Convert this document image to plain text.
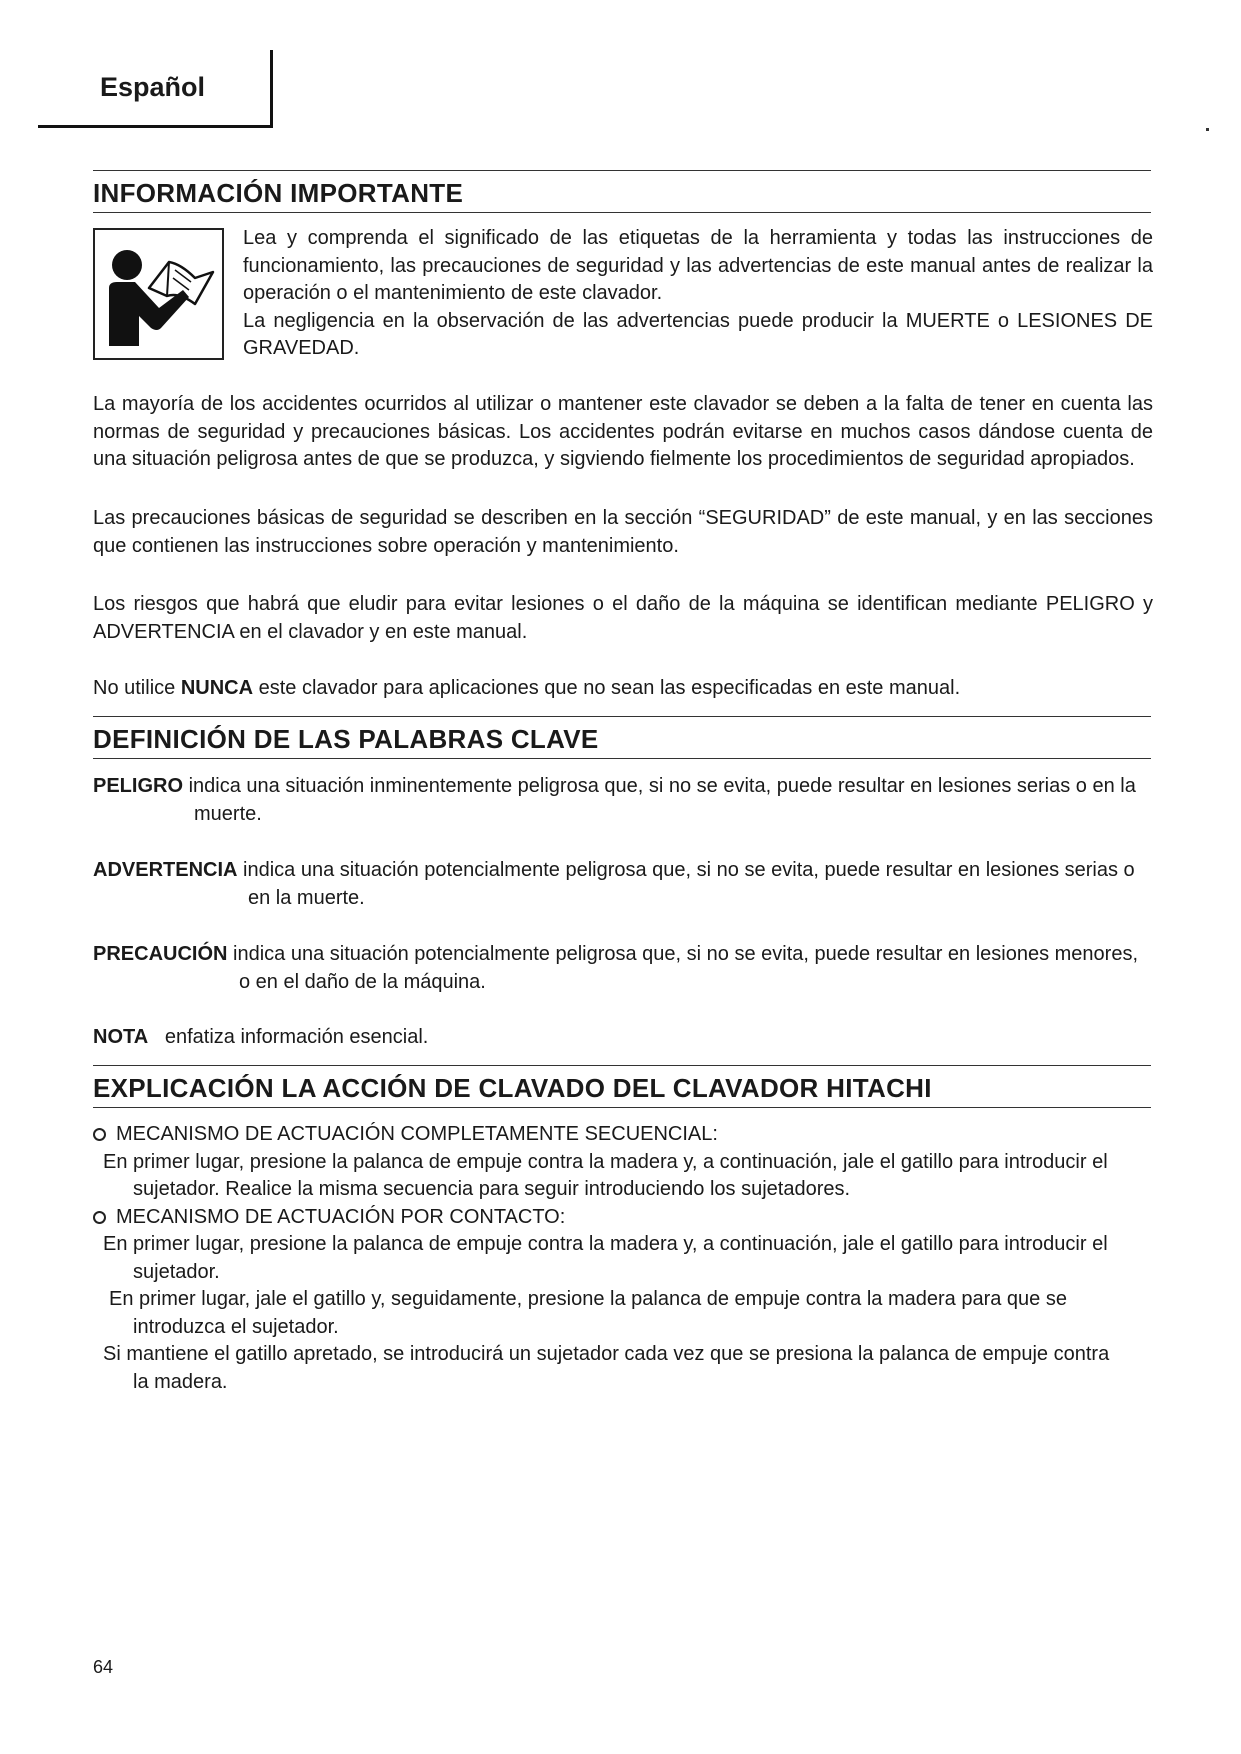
Español
INFORMACIÓN IMPORTANTE
Lea y comprenda el significado de las etiquetas de la herramienta y todas las instrucciones de funcionamiento, las precauciones de seguridad y las advertencias de este manual antes de realizar la operación o el mantenimiento de este clavador.
La negligencia en la observación de las advertencias puede producir la MUERTE o LESIONES DE GRAVEDAD.
La mayoría de los accidentes ocurridos al utilizar o mantener este clavador se deben a la falta de tener en cuenta las normas de seguridad y precauciones básicas. Los accidentes podrán evitarse en muchos casos dándose cuenta de una situación peligrosa antes de que se produzca, y sigviendo fielmente los procedimientos de seguridad apropiados.
Las precauciones básicas de seguridad se describen en la sección “SEGURIDAD” de este manual, y en las secciones que contienen las instrucciones sobre operación y mantenimiento.
Los riesgos que habrá que eludir para evitar lesiones o el daño de la máquina se identifican mediante PELIGRO y ADVERTENCIA en el clavador y en este manual.
No utilice NUNCA este clavador para aplicaciones que no sean las especificadas en este manual.
DEFINICIÓN DE LAS PALABRAS CLAVE
PELIGRO indica una situación inminentemente peligrosa que, si no se evita, puede resultar en lesiones serias o en la
muerte.
ADVERTENCIA indica una situación potencialmente peligrosa que, si no se evita, puede resultar en lesiones serias o
en la muerte.
PRECAUCIÓN indica una situación potencialmente peligrosa que, si no se evita, puede resultar en lesiones menores,
o en el daño de la máquina.
NOTA enfatiza información esencial.
EXPLICACIÓN LA ACCIÓN DE CLAVADO DEL CLAVADOR HITACHI
MECANISMO DE ACTUACIÓN COMPLETAMENTE SECUENCIAL:
En primer lugar, presione la palanca de empuje contra la madera y, a continuación, jale el gatillo para introducir el
sujetador. Realice la misma secuencia para seguir introduciendo los sujetadores.
MECANISMO DE ACTUACIÓN POR CONTACTO:
En primer lugar, presione la palanca de empuje contra la madera y, a continuación, jale el gatillo para introducir el
sujetador.
En primer lugar, jale el gatillo y, seguidamente, presione la palanca de empuje contra la madera para que se
introduzca el sujetador.
Si mantiene el gatillo apretado, se introducirá un sujetador cada vez que se presiona la palanca de empuje contra
la madera.
64
